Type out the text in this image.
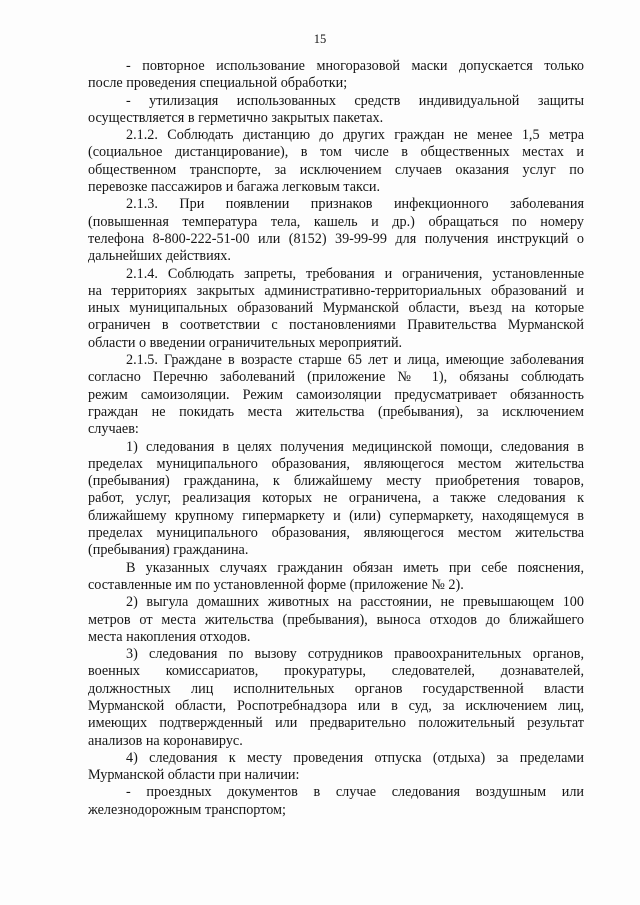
15
- повторное использование многоразовой маски допускается только
после проведения специальной обработки;
- утилизация использованных средств индивидуальной защиты
осуществляется в герметично закрытых пакетах.
2.1.2. Соблюдать дистанцию до других граждан не менее 1,5 метра
(социальное дистанцирование), в том числе в общественных местах и
общественном транспорте, за исключением случаев оказания услуг по
перевозке пассажиров и багажа легковым такси.
2.1.3. При появлении признаков инфекционного заболевания
(повышенная температура тела, кашель и др.) обращаться по номеру
телефона 8-800-222-51-00 или (8152) 39-99-99 для получения инструкций о
дальнейших действиях.
2.1.4. Соблюдать запреты, требования и ограничения, установленные
на территориях закрытых административно-территориальных образований и
иных муниципальных образований Мурманской области, въезд на которые
ограничен в соответствии с постановлениями Правительства Мурманской
области о введении ограничительных мероприятий.
2.1.5. Граждане в возрасте старше 65 лет и лица, имеющие заболевания
согласно Перечню заболеваний (приложение № 1), обязаны соблюдать
режим самоизоляции. Режим самоизоляции предусматривает обязанность
граждан не покидать места жительства (пребывания), за исключением
случаев:
1) следования в целях получения медицинской помощи, следования в
пределах муниципального образования, являющегося местом жительства
(пребывания) гражданина, к ближайшему месту приобретения товаров,
работ, услуг, реализация которых не ограничена, а также следования к
ближайшему крупному гипермаркету и (или) супермаркету, находящемуся в
пределах муниципального образования, являющегося местом жительства
(пребывания) гражданина.
В указанных случаях гражданин обязан иметь при себе пояснения,
составленные им по установленной форме (приложение № 2).
2) выгула домашних животных на расстоянии, не превышающем 100
метров от места жительства (пребывания), выноса отходов до ближайшего
места накопления отходов.
3) следования по вызову сотрудников правоохранительных органов,
военных комиссариатов, прокуратуры, следователей, дознавателей,
должностных лиц исполнительных органов государственной власти
Мурманской области, Роспотребнадзора или в суд, за исключением лиц,
имеющих подтвержденный или предварительно положительный результат
анализов на коронавирус.
4) следования к месту проведения отпуска (отдыха) за пределами
Мурманской области при наличии:
- проездных документов в случае следования воздушным или
железнодорожным транспортом;
